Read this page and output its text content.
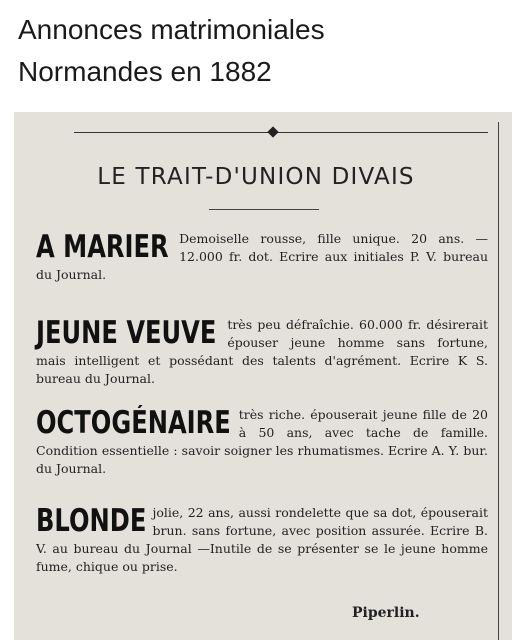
Annonces matrimoniales
Normandes en 1882
LE TRAIT-D'UNION DIVAIS
A MARIER Demoiselle rousse, fille unique. 20 ans. — 12.000 fr. dot. Ecrire aux initiales P. V. bureau du Journal.
JEUNE VEUVE très peu défraîchie. 60.000 fr. désirerait épouser jeune homme sans fortune, mais intelligent et possédant des talents d'agrément. Ecrire K S. bureau du Journal.
OCTOGÉNAIRE très riche. épouserait jeune fille de 20 à 50 ans, avec tache de famille. Condition essentielle : savoir soigner les rhumatismes. Ecrire A. Y. bur. du Journal.
BLONDE jolie, 22 ans, aussi rondelette que sa dot, épouserait brun. sans fortune, avec position assurée. Ecrire B. V. au bureau du Journal —Inutile de se présenter se le jeune homme fume, chique ou prise.
Piperlin.
